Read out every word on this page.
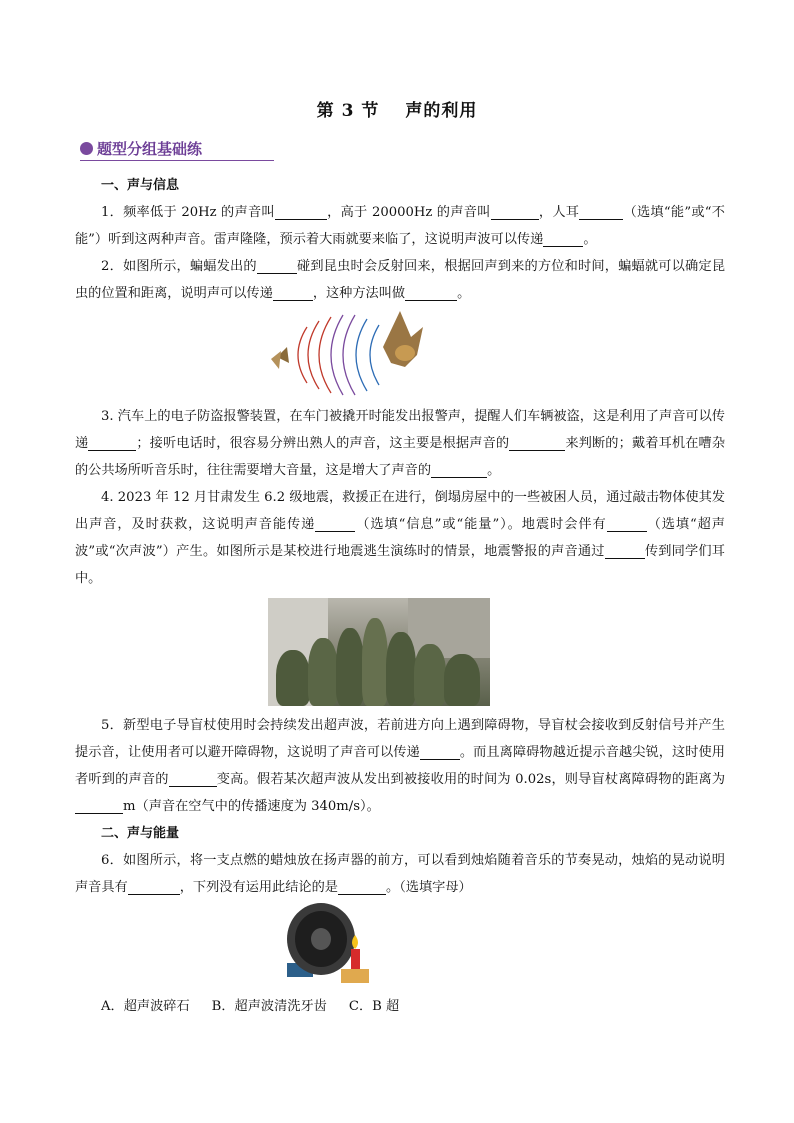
第 3 节 声的利用
题型分组基础练
一、声与信息

1．频率低于 20Hz 的声音叫	，高于 20000Hz 的声音叫	，人耳	（选填“能”或“不能”）听到这两种声音。雷声隆隆，预示着大雨就要来临了，这说明声波可以传递	。

2．如图所示，蝙蝠发出的	碰到昆虫时会反射回来，根据回声到来的方位和时间，蝙蝠就可以确定昆虫的位置和距离，说明声可以传递	，这种方法叫做	。

3. 汽车上的电子防盗报警装置，在车门被撬开时能发出报警声，提醒人们车辆被盗，这是利用了声音可以传递	；接听电话时，很容易分辨出熟人的声音，这主要是根据声音的	来判断的；戴着耳机在嘈杂的公共场所听音乐时，往往需要增大音量，这是增大了声音的	。

4. 2023 年 12 月甘肃发生 6.2 级地震，救援正在进行，倒塌房屋中的一些被困人员，通过敲击物体使其发出声音，及时获救，这说明声音能传递	（选填“信息”或“能量”）。地震时会伴有	（选填“超声波”或“次声波”）产生。如图所示是某校进行地震逃生演练时的情景，地震警报的声音通过	传到同学们耳中。

5．新型电子导盲杖使用时会持续发出超声波，若前进方向上遇到障碍物，导盲杖会接收到反射信号并产生提示音，让使用者可以避开障碍物，这说明了声音可以传递	。而且离障碍物越近提示音越尖锐，这时使用者听到的声音的	变高。假若某次超声波从发出到被接收用的时间为 0.02s，则导盲杖离障碍物的距离为m（声音在空气中的传播速度为 340m/s）。

二、声与能量

6．如图所示，将一支点燃的蜡烛放在扬声器的前方，可以看到烛焰随着音乐的节奏晃动，烛焰的晃动说明声音具有	，下列没有运用此结论的是	。（选填字母）

A．超声波碎石 B．超声波清洗牙齿 C．B 超
